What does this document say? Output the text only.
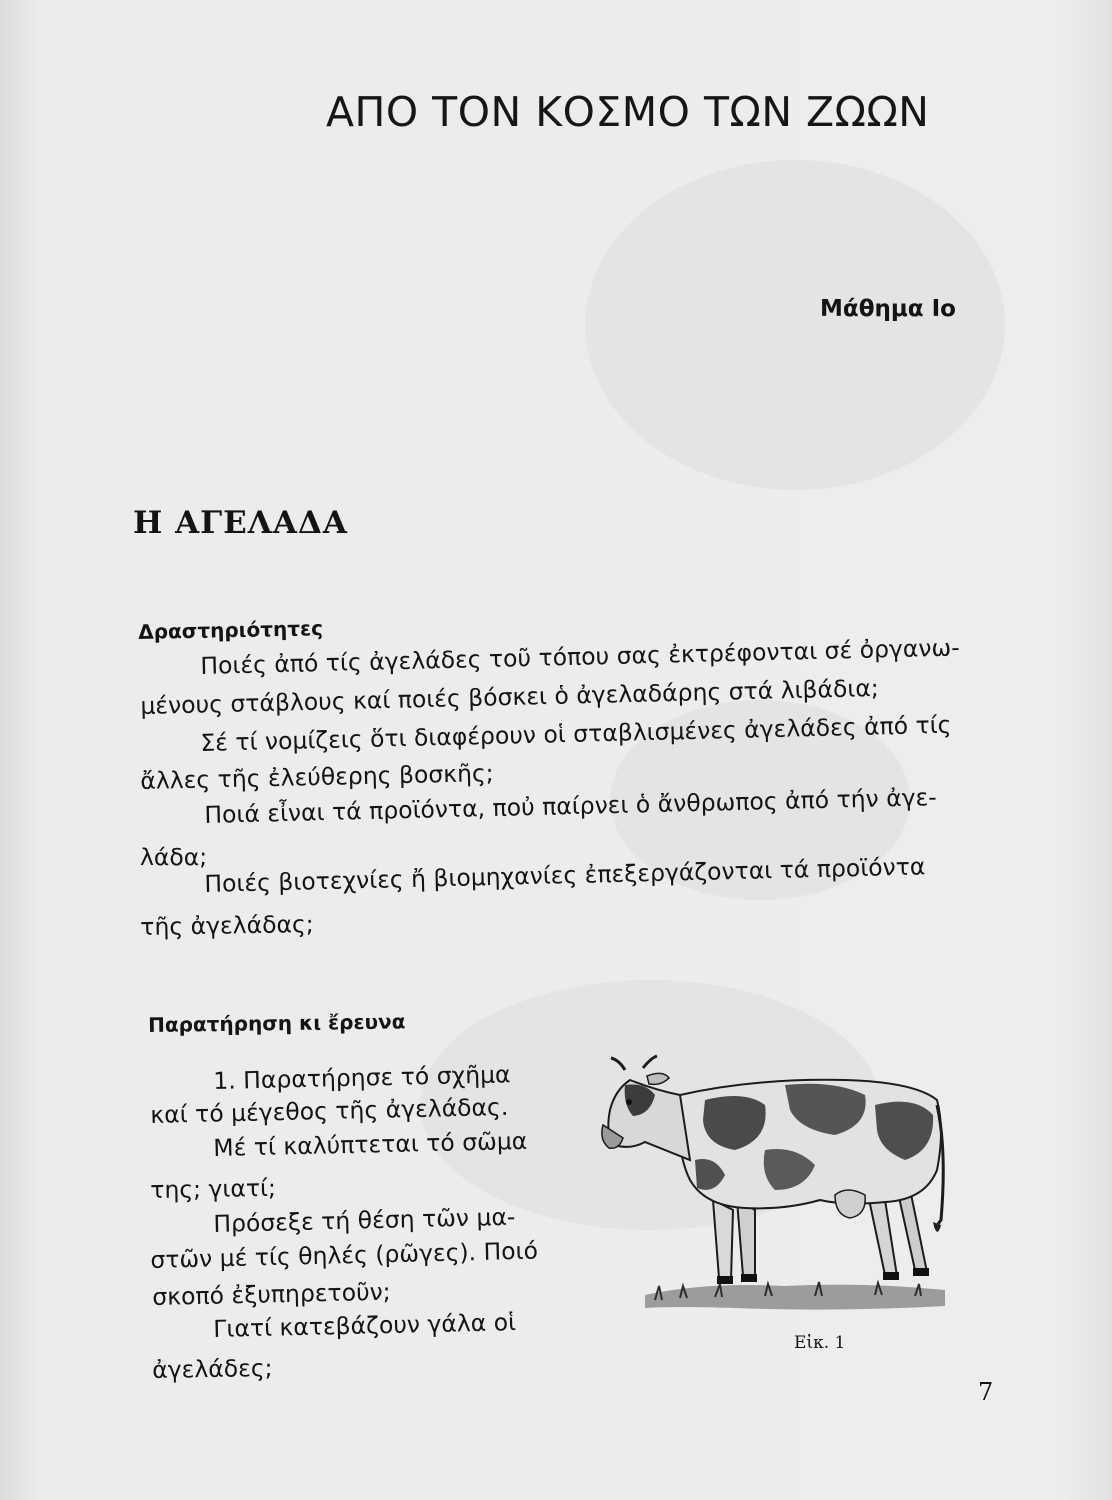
ΑΠΟ ΤΟΝ ΚΟΣΜΟ ΤΩΝ ΖΩΩΝ
Μάθημα Ιο
Η ΑΓΕΛΑΔΑ
Δραστηριότητες
Ποιές ἀπό τίς ἀγελάδες τοῦ τόπου σας ἐκτρέφονται σέ ὀργανω-
μένους στάβλους καί ποιές βόσκει ὁ ἀγελαδάρης στά λιβάδια;
Σέ τί νομίζεις ὅτι διαφέρουν οἱ σταβλισμένες ἀγελάδες ἀπό τίς
ἄλλες τῆς ἐλεύθερης βοσκῆς;
Ποιά εἶναι τά προϊόντα, ποὐ παίρνει ὁ ἄνθρωπος ἀπό τήν ἀγε-
λάδα;
Ποιές βιοτεχνίες ἤ βιομηχανίες ἐπεξεργάζονται τά προϊόντα
τῆς ἀγελάδας;
Παρατήρηση κι ἔρευνα
1. Παρατήρησε τό σχῆμα
καί τό μέγεθος τῆς ἀγελάδας.
Μέ τί καλύπτεται τό σῶμα
της; γιατί;
Πρόσεξε τή θέση τῶν μα-
στῶν μέ τίς θηλές (ρῶγες). Ποιό
σκοπό ἐξυπηρετοῦν;
Γιατί κατεβάζουν γάλα οἱ
ἀγελάδες;
Εἰκ. 1
7
